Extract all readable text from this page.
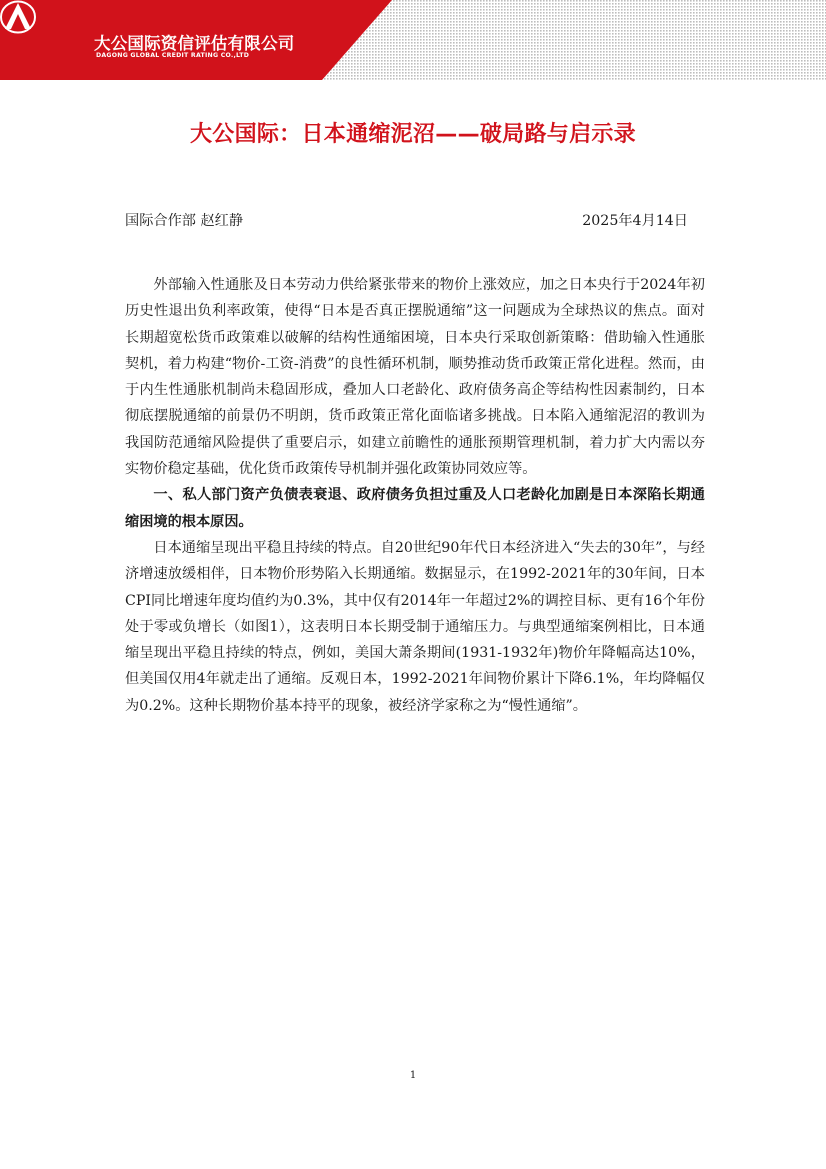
大公国际资信评估有限公司
DAGONG GLOBAL CREDIT RATING CO.,LTD
大公国际：日本通缩泥沼——破局路与启示录
国际合作部 赵红静	2025年4月14日

外部输入性通胀及日本劳动力供给紧张带来的物价上涨效应，加之日本央行于2024年初历史性退出负利率政策，使得“日本是否真正摆脱通缩”这一问题成为全球热议的焦点。面对长期超宽松货币政策难以破解的结构性通缩困境，日本央行采取创新策略：借助输入性通胀契机，着力构建“物价-工资-消费”的良性循环机制，顺势推动货币政策正常化进程。然而，由于内生性通胀机制尚未稳固形成，叠加人口老龄化、政府债务高企等结构性因素制约，日本彻底摆脱通缩的前景仍不明朗，货币政策正常化面临诸多挑战。日本陷入通缩泥沼的教训为我国防范通缩风险提供了重要启示，如建立前瞻性的通胀预期管理机制，着力扩大内需以夯实物价稳定基础，优化货币政策传导机制并强化政策协同效应等。

一、私人部门资产负债表衰退、政府债务负担过重及人口老龄化加剧是日本深陷长期通缩困境的根本原因。

日本通缩呈现出平稳且持续的特点。自20世纪90年代日本经济进入“失去的30年”，与经济增速放缓相伴，日本物价形势陷入长期通缩。数据显示，在1992-2021年的30年间，日本CPI同比增速年度均值约为0.3%，其中仅有2014年一年超过2%的调控目标、更有16个年份处于零或负增长（如图1），这表明日本长期受制于通缩压力。与典型通缩案例相比，日本通缩呈现出平稳且持续的特点，例如，美国大萧条期间(1931-1932年)物价年降幅高达10%，但美国仅用4年就走出了通缩。反观日本，1992-2021年间物价累计下降6.1%，年均降幅仅为0.2%。这种长期物价基本持平的现象，被经济学家称之为“慢性通缩”。

1
